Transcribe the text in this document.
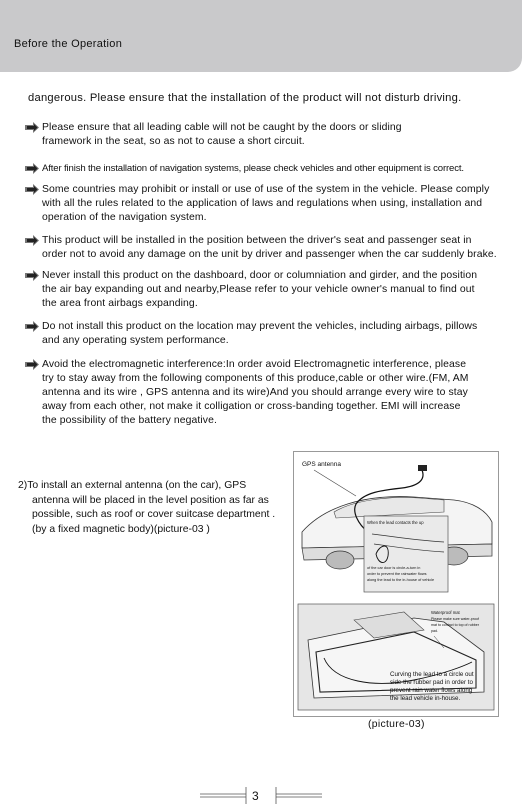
Before the Operation
dangerous. Please ensure that the installation of the product will not disturb driving.
Please ensure that all leading cable will not be caught by the doors or sliding
framework in the seat, so as not to cause a short circuit.
After finish the installation of navigation systems, please check vehicles and other equipment is correct.
Some countries may prohibit or install or use of use of the system in the vehicle. Please comply
with all the rules related to the application of laws and regulations when using, installation and
operation of the navigation system.
This product will be installed in the position between the driver's seat and passenger seat in
order not to avoid any damage on the unit by driver and passenger when the car suddenly brake.
Never install this product on the dashboard, door or columniation and girder, and the position
the air bay expanding out and nearby,Please refer to your vehicle owner's manual to find out
the area front airbags expanding.
Do not install this product on the location may prevent the vehicles, including airbags, pillows
and any operating system performance.
Avoid the electromagnetic interference:In order avoid Electromagnetic interference, please
try to stay away from the following components of this produce,cable or other wire.(FM, AM
antenna and its wire , GPS antenna and its wire)And you should arrange every wire to stay
away from each other, not make it colligation or cross-banding together. EMI will increase
the possibility of the battery negative.
2)To install an external antenna (on the car), GPS
antenna will be placed in the level position as far as
possible, such as roof or cover suitcase department .
(by a fixed magnetic body)(picture-03 )
GPS antenna
When the lead contacts the up
of the car door is circle-a-turn in
order to prevent the rainwater flows
along the lead to the in-house of vehicle
Waterproof mat
Please make sure water-proof
mat to contact to top of rubber
pad.
Curving the lead to a circle out
side the rubber pad in order to
prevent rain water flows along
the lead vehicle in-house.
(picture-03)
3
